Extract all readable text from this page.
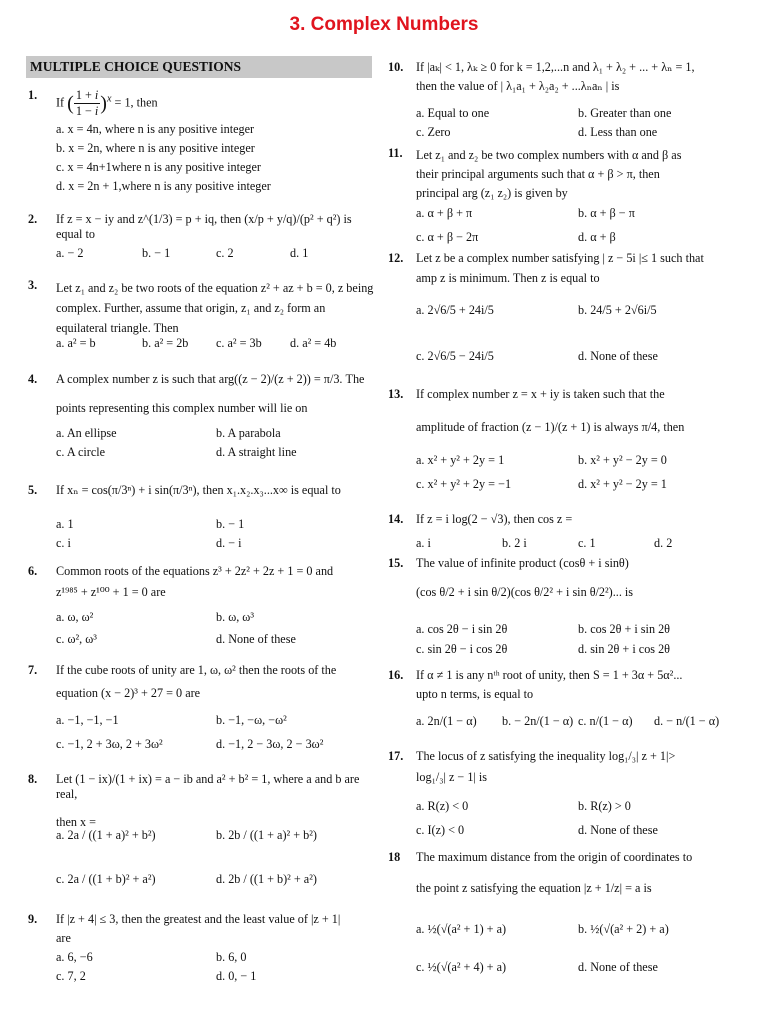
3. Complex Numbers
MULTIPLE CHOICE QUESTIONS
1.
If ( $\frac{1 + i}{1 - i} )^x = 1$, then
a. x = 4n, where n is any positive integer
b. x = 2n, where n is any positive integer
c. x = 4n+1where n is any positive integer
d. x = 2n + 1,where n is any positive integer
2. If z = x − iy and z^(1/3) = p + iq, then (x/p + y/q)/(p² + q²) is equal to
a. − 2	b. − 1	c. 2	d. 1
3. Let z₁ and z₂ be two roots of the equation z² + az + b = 0, z being complex. Further, assume that origin, z₁ and z₂ form an equilateral triangle. Then
a. a² = b	b. a² = 2b c. a² = 3b d. a² = 4b
4. A complex number z is such that arg((z − 2)/(z + 2)) = π/3. The
points representing this complex number will lie on
a. An ellipse	b. A parabola
c. A circle	d. A straight line
5. If xₙ = cos(π/3ⁿ) + i sin(π/3ⁿ), then x₁.x₂.x₃...x∞ is equal to
a. 1	b. − 1
c. i	d. − i
6. Common roots of the equations z³ + 2z² + 2z + 1 = 0 and
z¹⁹⁸⁵ + z¹⁰⁰ + 1 = 0 are
a. ω, ω²	b. ω, ω³
c. ω², ω³	d. None of these
7. If the cube roots of unity are 1, ω, ω² then the roots of the
equation (x − 2)³ + 27 = 0 are
a. −1, −1, −1	b. −1, −ω, −ω²
c. −1, 2 + 3ω, 2 + 3ω²	d. −1, 2 − 3ω, 2 − 3ω²
8. Let (1 − ix)/(1 + ix) = a − ib and a² + b² = 1, where a and b are real,
then x =
a. 2a / ((1 + a)² + b²)	b. 2b / ((1 + a)² + b²)
c. 2a / ((1 + b)² + a²)	d. 2b / ((1 + b)² + a²)
9. If |z + 4| ≤ 3, then the greatest and the least value of |z + 1|
are
a. 6, −6	b. 6, 0
c. 7, 2	d. 0, − 1
10. If |aₖ| < 1, λₖ ≥ 0 for k = 1,2,...n and λ₁ + λ₂ + ... + λₙ = 1,
then the value of | λ₁a₁ + λ₂a₂ + ...λₙaₙ | is
a. Equal to one	b. Greater than one
c. Zero	d. Less than one
11. Let z₁ and z₂ be two complex numbers with α and β as
their principal arguments such that α + β > π, then
principal arg (z₁ z₂) is given by
a. α + β + π	b. α + β − π
c. α + β − 2π	d. α + β
12. Let z be a complex number satisfying | z − 5i |≤ 1 such that
amp z is minimum. Then z is equal to
a. 2√6/5 + 24i/5	b. 24/5 + 2√6i/5
c. 2√6/5 − 24i/5	d. None of these
13. If complex number z = x + iy is taken such that the
amplitude of fraction (z − 1)/(z + 1) is always π/4, then
a. x² + y² + 2y = 1	b. x² + y² − 2y = 0
c. x² + y² + 2y = −1	d. x² + y² − 2y = 1
14. If z = i log(2 − √3), then cos z =
a. i	b. 2 i	c. 1	d. 2
15. The value of infinite product (cosθ + i sinθ)
(cos θ/2 + i sin θ/2)(cos θ/2² + i sin θ/2²)... is
a. cos 2θ − i sin 2θ	b. cos 2θ + i sin 2θ
c. sin 2θ − i cos 2θ	d. sin 2θ + i cos 2θ
16. If α ≠ 1 is any nᵗʰ root of unity, then S = 1 + 3α + 5α²...
upto n terms, is equal to
a. 2n/(1 − α) b. − 2n/(1 − α) c. n/(1 − α) d. − n/(1 − α)
17. The locus of z satisfying the inequality log₁/₃| z + 1|>
log₁/₃| z − 1| is
a. R(z) < 0	b. R(z) > 0
c. I(z) < 0	d. None of these
18 The maximum distance from the origin of coordinates to
the point z satisfying the equation |z + 1/z| = a is
a. ½(√(a² + 1) + a)	b. ½(√(a² + 2) + a)
c. ½(√(a² + 4) + a)	d. None of these
